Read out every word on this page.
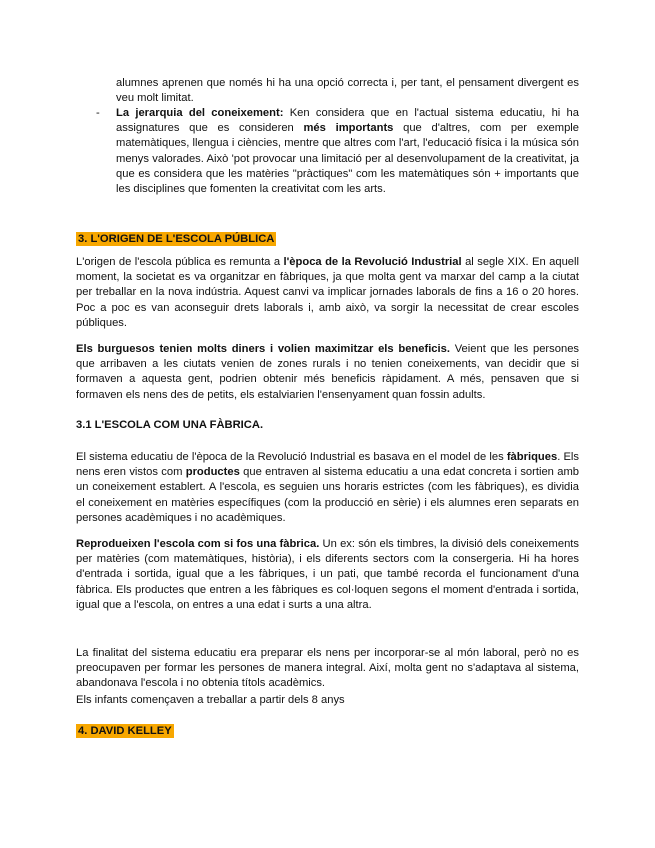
alumnes aprenen que només hi ha una opció correcta i, per tant, el pensament divergent es veu molt limitat.

- La jerarquia del coneixement: Ken considera que en l'actual sistema educatiu, hi ha assignatures que es consideren més importants que d'altres, com per exemple matemàtiques, llengua i ciències, mentre que altres com l'art, l'educació física i la música són menys valorades. Això 'pot provocar una limitació per al desenvolupament de la creativitat, ja que es considera que les matèries "pràctiques" com les matemàtiques són + importants que les disciplines que fomenten la creativitat com les arts.

3. L'ORIGEN DE L'ESCOLA PÚBLICA

L'origen de l'escola pública es remunta a l'època de la Revolució Industrial al segle XIX. En aquell moment, la societat es va organitzar en fàbriques, ja que molta gent va marxar del camp a la ciutat per treballar en la nova indústria. Aquest canvi va implicar jornades laborals de fins a 16 o 20 hores. Poc a poc es van aconseguir drets laborals i, amb això, va sorgir la necessitat de crear escoles públiques.

Els burguesos tenien molts diners i volien maximitzar els beneficis. Veient que les persones que arribaven a les ciutats venien de zones rurals i no tenien coneixements, van decidir que si formaven a aquesta gent, podrien obtenir més beneficis ràpidament. A més, pensaven que si formaven els nens des de petits, els estalviarien l'ensenyament quan fossin adults.

3.1 L'ESCOLA COM UNA FÀBRICA.

El sistema educatiu de l'època de la Revolució Industrial es basava en el model de les fàbriques. Els nens eren vistos com productes que entraven al sistema educatiu a una edat concreta i sortien amb un coneixement establert. A l'escola, es seguien uns horaris estrictes (com les fàbriques), es dividia el coneixement en matèries específiques (com la producció en sèrie) i els alumnes eren separats en persones acadèmiques i no acadèmiques.

Reprodueixen l'escola com si fos una fàbrica. Un ex: són els timbres, la divisió dels coneixements per matèries (com matemàtiques, història), i els diferents sectors com la consergeria. Hi ha hores d'entrada i sortida, igual que a les fàbriques, i un pati, que també recorda el funcionament d'una fàbrica. Els productes que entren a les fàbriques es col·loquen segons el moment d'entrada i sortida, igual que a l'escola, on entres a una edat i surts a una altra.

La finalitat del sistema educatiu era preparar els nens per incorporar-se al món laboral, però no es preocupaven per formar les persones de manera integral. Així, molta gent no s'adaptava al sistema, abandonava l'escola i no obtenia títols acadèmics.

Els infants començaven a treballar a partir dels 8 anys

4. DAVID KELLEY
